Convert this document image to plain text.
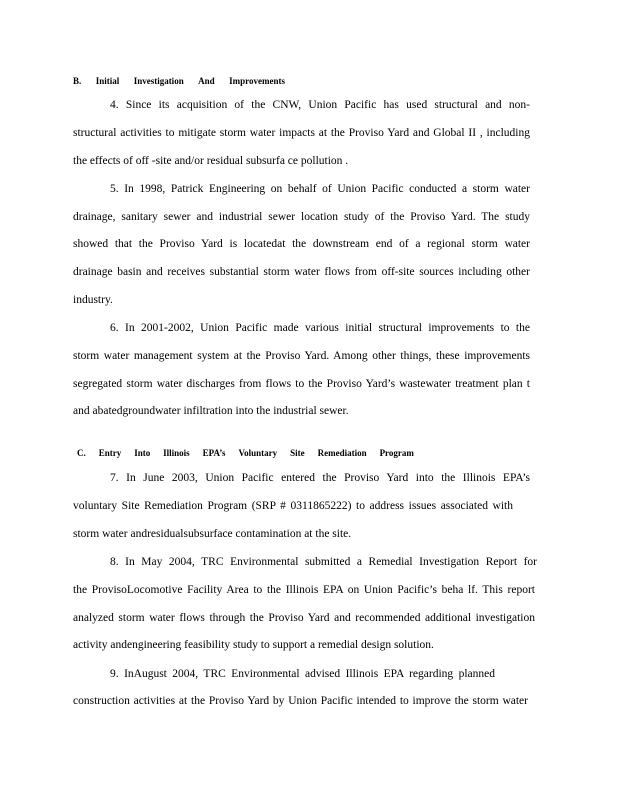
B. Initial Investigation And Improvements
4. Since its acquisition of the CNW, Union Pacific has used structural and non-
structural activities to mitigate storm water impacts at the Proviso Yard and Global II , including
the effects of off -site and/or residual subsurfa ce pollution .
5. In 1998, Patrick Engineering on behalf of Union Pacific conducted a storm water
drainage, sanitary sewer and industrial sewer location study of the Proviso Yard. The study
showed that the Proviso Yard is locatedat the downstream end of a regional storm water
drainage basin and receives substantial storm water flows from off-site sources including other
industry.
6. In 2001-2002, Union Pacific made various initial structural improvements to the
storm water management system at the Proviso Yard. Among other things, these improvements
segregated storm water discharges from flows to the Proviso Yard’s wastewater treatment plan t
and abatedgroundwater infiltration into the industrial sewer.
C. Entry Into Illinois EPA’s Voluntary Site Remediation Program
7. In June 2003, Union Pacific entered the Proviso Yard into the Illinois EPA’s
voluntary Site Remediation Program (SRP # 0311865222) to address issues associated with
storm water andresidualsubsurface contamination at the site.
8. In May 2004, TRC Environmental submitted a Remedial Investigation Report for
the ProvisoLocomotive Facility Area to the Illinois EPA on Union Pacific’s beha lf. This report
analyzed storm water flows through the Proviso Yard and recommended additional investigation
activity andengineering feasibility study to support a remedial design solution.
9. InAugust 2004, TRC Environmental advised Illinois EPA regarding planned
construction activities at the Proviso Yard by Union Pacific intended to improve the storm water
